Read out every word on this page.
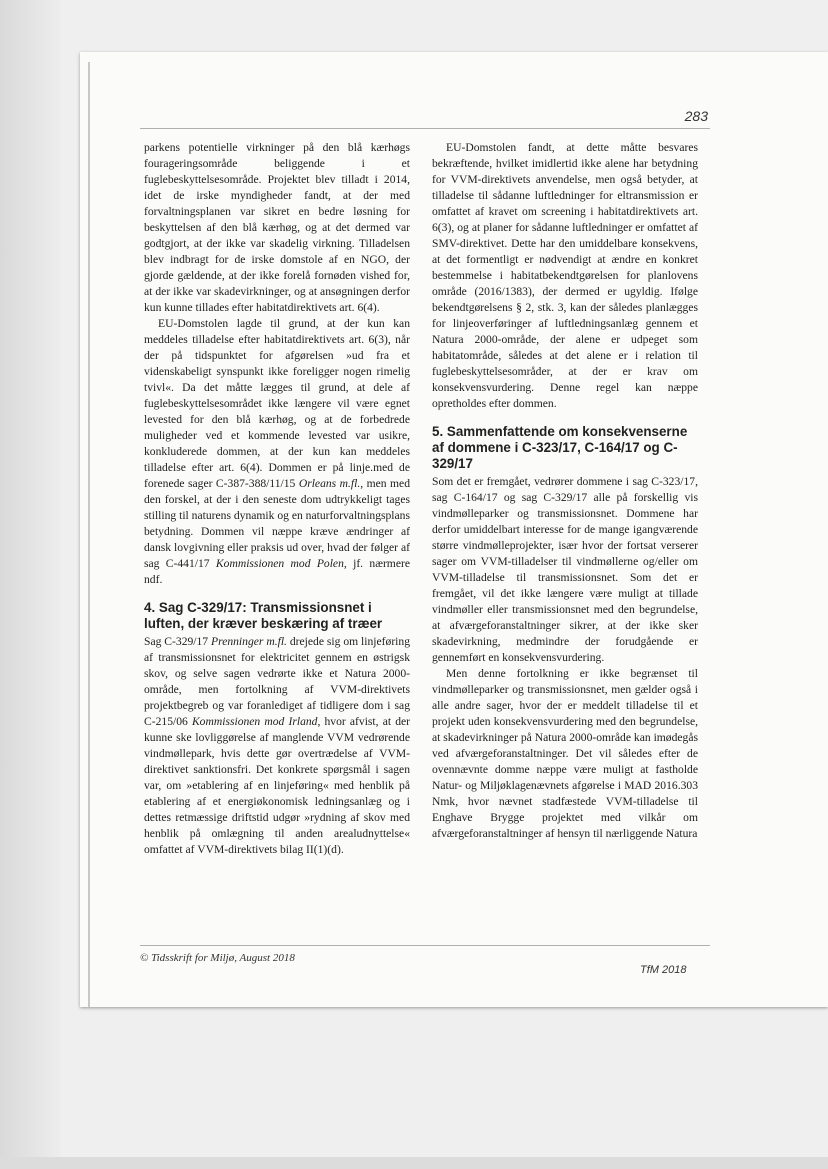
283

parkens potentielle virkninger på den blå kærhøgs fourageringsområde beliggende i et fuglebeskyttelsesområde. Projektet blev tilladt i 2014, idet de irske myndigheder fandt, at der med forvaltningsplanen var sikret en bedre løsning for beskyttelsen af den blå kærhøg, og at det dermed var godtgjort, at der ikke var skadelig virkning. Tilladelsen blev indbragt for de irske domstole af en NGO, der gjorde gældende, at der ikke forelå fornøden vished for, at der ikke var skadevirkninger, og at ansøgningen derfor kun kunne tillades efter habitatdirektivets art. 6(4).

EU-Domstolen lagde til grund, at der kun kan meddeles tilladelse efter habitatdirektivets art. 6(3), når der på tidspunktet for afgørelsen »ud fra et videnskabeligt synspunkt ikke foreligger nogen rimelig tvivl«. Da det måtte lægges til grund, at dele af fuglebeskyttelsesområdet ikke længere vil være egnet levested for den blå kærhøg, og at de forbedrede muligheder ved et kommende levested var usikre, konkluderede dommen, at der kun kan meddeles tilladelse efter art. 6(4). Dommen er på linje.med de forenede sager C-387-388/11/15 Orleans m.fl., men med den forskel, at der i den seneste dom udtrykkeligt tages stilling til naturens dynamik og en naturforvaltningsplans betydning. Dommen vil næppe kræve ændringer af dansk lovgivning eller praksis ud over, hvad der følger af sag C-441/17 Kommissionen mod Polen, jf. nærmere ndf.

4. Sag C-329/17: Transmissionsnet i luften, der kræver beskæring af træer

Sag C-329/17 Prenninger m.fl. drejede sig om linjeføring af transmissionsnet for elektricitet gennem en østrigsk skov, og selve sagen vedrørte ikke et Natura 2000-område, men fortolkning af VVM-direktivets projektbegreb og var foranlediget af tidligere dom i sag C-215/06 Kommissionen mod Irland, hvor afvist, at der kunne ske lovliggørelse af manglende VVM vedrørende vindmøllepark, hvis dette gør overtrædelse af VVM-direktivet sanktionsfri. Det konkrete spørgsmål i sagen var, om »etablering af en linjeføring« med henblik på etablering af et energiøkonomisk ledningsanlæg og i dettes retmæssige driftstid udgør »rydning af skov med henblik på omlægning til anden arealudnyttelse« omfattet af VVM-direktivets bilag II(1)(d).

EU-Domstolen fandt, at dette måtte besvares bekræftende, hvilket imidlertid ikke alene har betydning for VVM-direktivets anvendelse, men også betyder, at tilladelse til sådanne luftledninger for eltransmission er omfattet af kravet om screening i habitatdirektivets art. 6(3), og at planer for sådanne luftledninger er omfattet af SMV-direktivet. Dette har den umiddelbare konsekvens, at det formentligt er nødvendigt at ændre en konkret bestemmelse i habitatbekendtgørelsen for planlovens område (2016/1383), der dermed er ugyldig. Ifølge bekendtgørelsens § 2, stk. 3, kan der således planlægges for linjeoverføringer af luftledningsanlæg gennem et Natura 2000-område, der alene er udpeget som habitatområde, således at det alene er i relation til fuglebeskyttelsesområder, at der er krav om konsekvensvurdering. Denne regel kan næppe opretholdes efter dommen.

5. Sammenfattende om konsekvenserne af dommene i C-323/17, C-164/17 og C-329/17

Som det er fremgået, vedrører dommene i sag C-323/17, sag C-164/17 og sag C-329/17 alle på forskellig vis vindmølleparker og transmissionsnet. Dommene har derfor umiddelbart interesse for de mange igangværende større vindmølleprojekter, især hvor der fortsat verserer sager om VVM-tilladelser til vindmøllerne og/eller om VVM-tilladelse til transmissionsnet. Som det er fremgået, vil det ikke længere være muligt at tillade vindmøller eller transmissionsnet med den begrundelse, at afværgeforanstaltninger sikrer, at der ikke sker skadevirkning, medmindre der forudgående er gennemført en konsekvensvurdering.

Men denne fortolkning er ikke begrænset til vindmølleparker og transmissionsnet, men gælder også i alle andre sager, hvor der er meddelt tilladelse til et projekt uden konsekvensvurdering med den begrundelse, at skadevirkninger på Natura 2000-område kan imødegås ved afværgeforanstaltninger. Det vil således efter de ovennævnte domme næppe være muligt at fastholde Natur- og Miljøklagenævnets afgørelse i MAD 2016.303 Nmk, hvor nævnet stadfæstede VVM-tilladelse til Enghave Brygge projektet med vilkår om afværgeforanstaltninger af hensyn til nærliggende Natura

© Tidsskrift for Miljø, August 2018
TfM 2018
